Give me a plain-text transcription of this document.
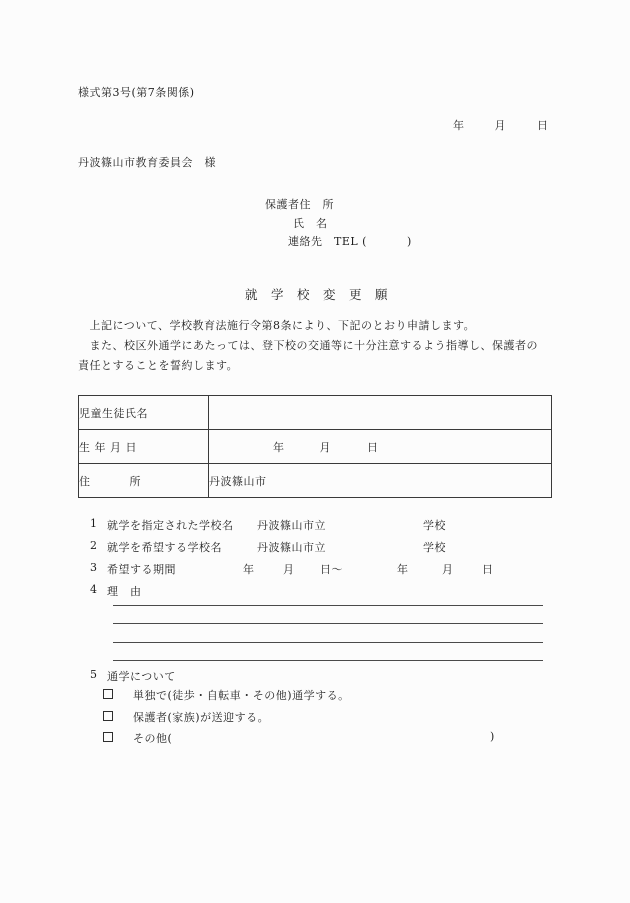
様式第3号(第7条関係)
年	月	日
丹波篠山市教育委員会　様
保護者住　所
氏　名
連絡先　TEL (	)
就　学　校　変　更　願
　上記について、学校教育法施行令第8条により、下記のとおり申請します。
　また、校区外通学にあたっては、登下校の交通等に十分注意するよう指導し、保護者の
責任とすることを誓約します。
児童生徒氏名	
生 年 月 日	年 月 日

住 所	丹波篠山市
1 就学を指定された学校名 丹波篠山市立	学校
2 就学を希望する学校名	丹波篠山市立	学校
3 希望する期間	年	月 日～	年	月	日
4 理　由
5 通学について
単独で(徒歩・自転車・その他)通学する。
保護者(家族)が送迎する。
その他(	)
